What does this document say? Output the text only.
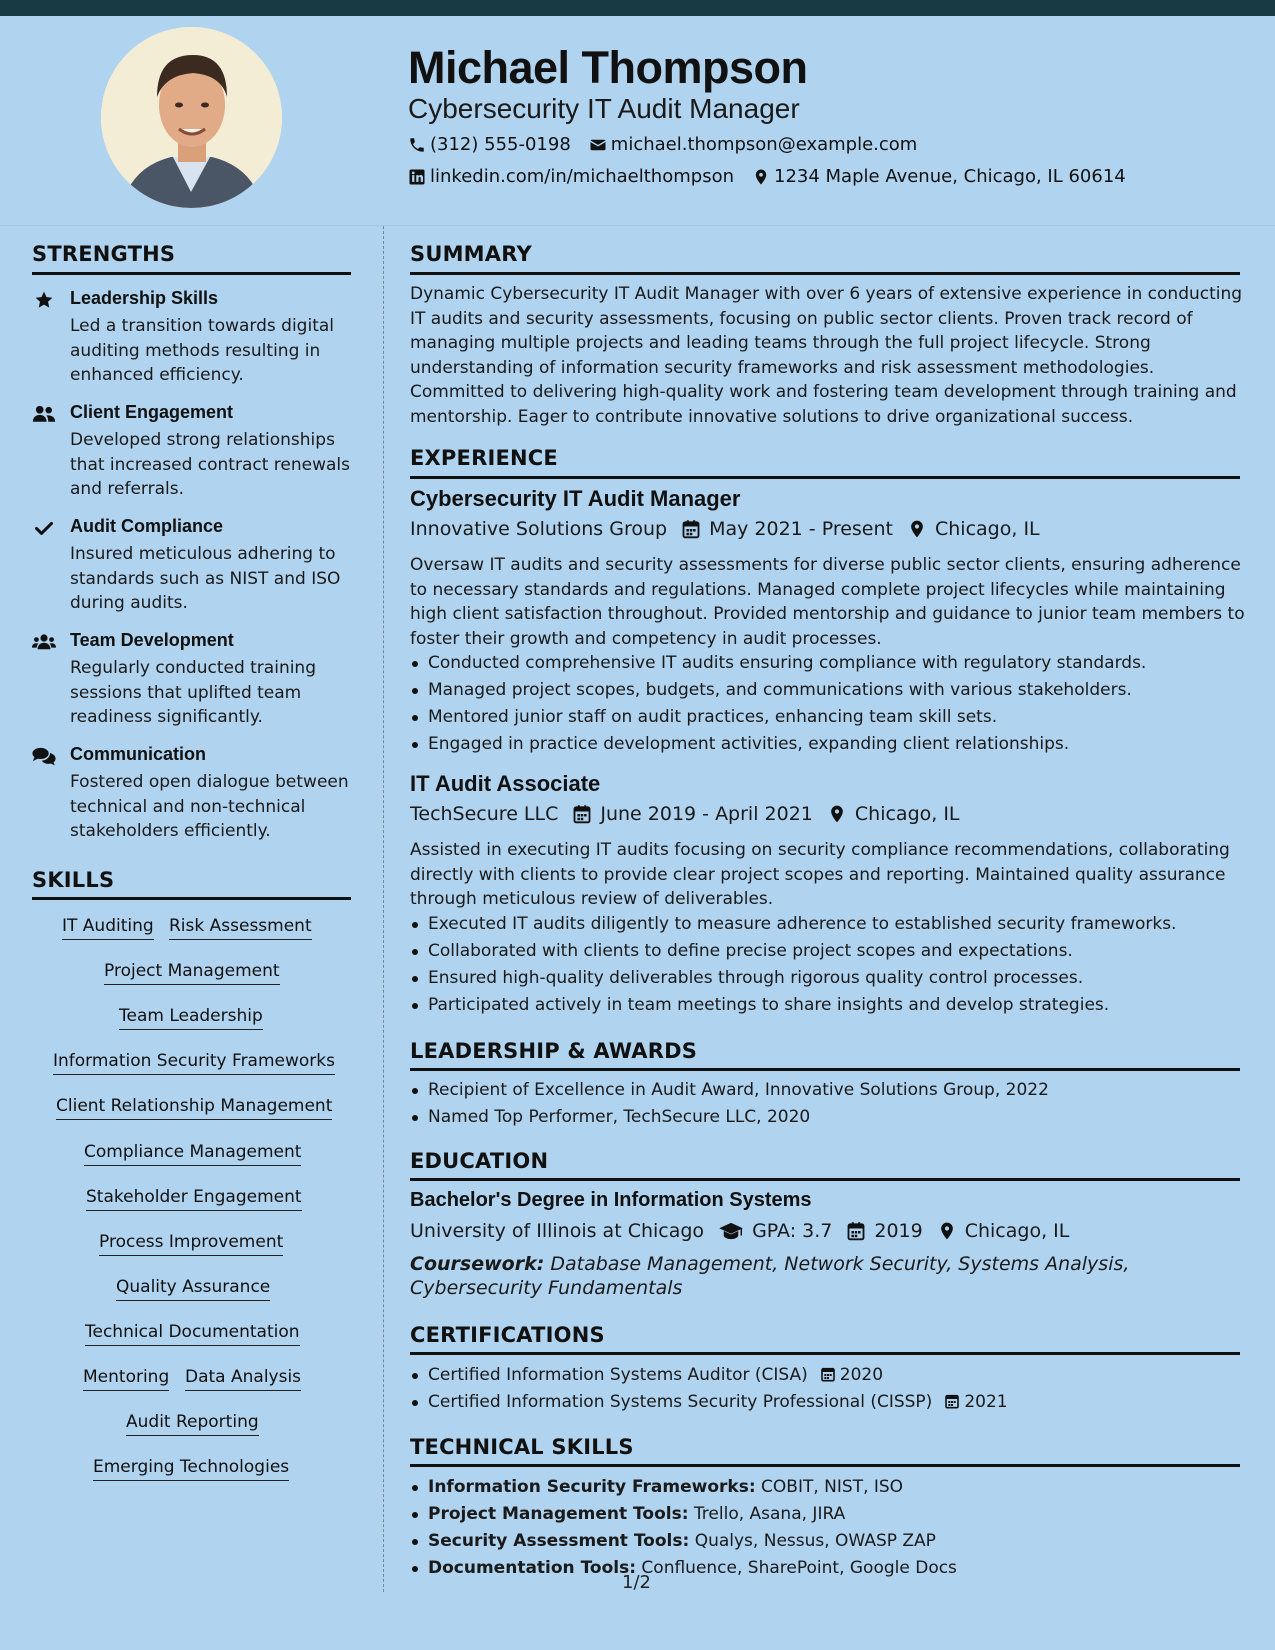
Michael Thompson
Cybersecurity IT Audit Manager
(312) 555-0198 michael.thompson@example.com
linkedin.com/in/michaelthompson 1234 Maple Avenue, Chicago, IL 60614
STRENGTHS
Leadership Skills
Led a transition towards digital auditing methods resulting in enhanced efficiency.
Client Engagement
Developed strong relationships that increased contract renewals and referrals.
Audit Compliance
Insured meticulous adhering to standards such as NIST and ISO during audits.
Team Development
Regularly conducted training sessions that uplifted team readiness significantly.
Communication
Fostered open dialogue between technical and non-technical stakeholders efficiently.
SKILLS
IT Auditing Risk Assessment
Project Management
Team Leadership
Information Security Frameworks
Client Relationship Management
Compliance Management
Stakeholder Engagement
Process Improvement
Quality Assurance
Technical Documentation
Mentoring Data Analysis
Audit Reporting
Emerging Technologies
SUMMARY
Dynamic Cybersecurity IT Audit Manager with over 6 years of extensive experience in conducting IT audits and security assessments, focusing on public sector clients. Proven track record of managing multiple projects and leading teams through the full project lifecycle. Strong understanding of information security frameworks and risk assessment methodologies. Committed to delivering high-quality work and fostering team development through training and mentorship. Eager to contribute innovative solutions to drive organizational success.
EXPERIENCE
Cybersecurity IT Audit Manager
Innovative Solutions Group May 2021 - Present Chicago, IL
Oversaw IT audits and security assessments for diverse public sector clients, ensuring adherence to necessary standards and regulations. Managed complete project lifecycles while maintaining high client satisfaction throughout. Provided mentorship and guidance to junior team members to foster their growth and competency in audit processes.
Conducted comprehensive IT audits ensuring compliance with regulatory standards.
Managed project scopes, budgets, and communications with various stakeholders.
Mentored junior staff on audit practices, enhancing team skill sets.
Engaged in practice development activities, expanding client relationships.
IT Audit Associate
TechSecure LLC June 2019 - April 2021 Chicago, IL
Assisted in executing IT audits focusing on security compliance recommendations, collaborating directly with clients to provide clear project scopes and reporting. Maintained quality assurance through meticulous review of deliverables.
Executed IT audits diligently to measure adherence to established security frameworks.
Collaborated with clients to define precise project scopes and expectations.
Ensured high-quality deliverables through rigorous quality control processes.
Participated actively in team meetings to share insights and develop strategies.
LEADERSHIP & AWARDS
Recipient of Excellence in Audit Award, Innovative Solutions Group, 2022
Named Top Performer, TechSecure LLC, 2020
EDUCATION
Bachelor's Degree in Information Systems
University of Illinois at Chicago	GPA: 3.7 2019 Chicago, IL
Coursework: Database Management, Network Security, Systems Analysis, Cybersecurity Fundamentals
CERTIFICATIONS
Certified Information Systems Auditor (CISA) 2020
Certified Information Systems Security Professional (CISSP) 2021
TECHNICAL SKILLS
Information Security Frameworks: COBIT, NIST, ISO
Project Management Tools: Trello, Asana, JIRA
Security Assessment Tools: Qualys, Nessus, OWASP ZAP
Documentation Tools: Confluence, SharePoint, Google Docs
1/2
